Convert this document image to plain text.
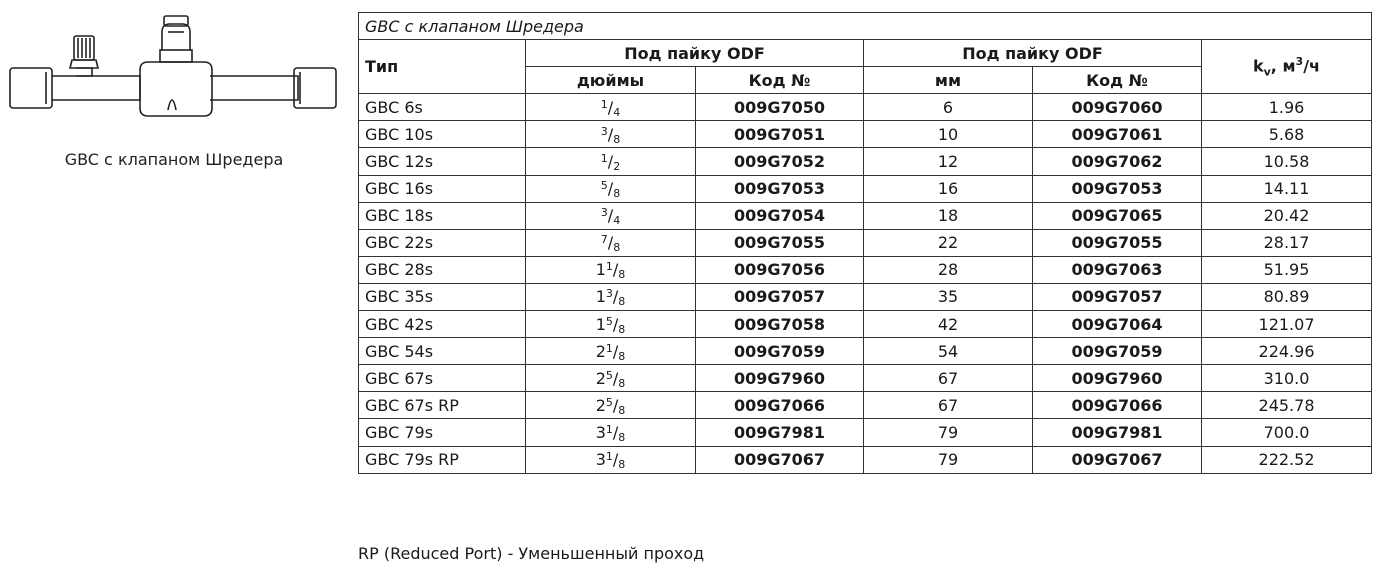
GBC с клапаном Шредера
GBC с клапаном Шредера					
Тип	Под пайку ODF		Под пайку ODF		$k_v$, $м^3/ч$
	дюймы	Код №	мм	Код №	
GBC 6s	$^1/_4$	009G7050	6	009G7060	1.96
GBC 10s	$^3/_8$	009G7051	10	009G7061	5.68
GBC 12s	$^1/_2$	009G7052	12	009G7062	10.58
GBC 16s	$^5/_8$	009G7053	16	009G7053	14.11
GBC 18s	$^3/_4$	009G7054	18	009G7065	20.42
GBC 22s	$^7/_8$	009G7055	22	009G7055	28.17
GBC 28s	$1^1/_8$	009G7056	28	009G7063	51.95
GBC 35s	$1^3/_8$	009G7057	35	009G7057	80.89
GBC 42s	$1^5/_8$	009G7058	42	009G7064	121.07
GBC 54s	$2^1/_8$	009G7059	54	009G7059	224.96
GBC 67s	$2^5/_8$	009G7960	67	009G7960	310.0
GBC 67s RP	$2^5/_8$	009G7066	67	009G7066	245.78
GBC 79s	$3^1/_8$	009G7981	79	009G7981	700.0
GBC 79s RP	$3^1/_8$	009G7067	79	009G7067	222.52
RP (Reduced Port) - Уменьшенный проход
